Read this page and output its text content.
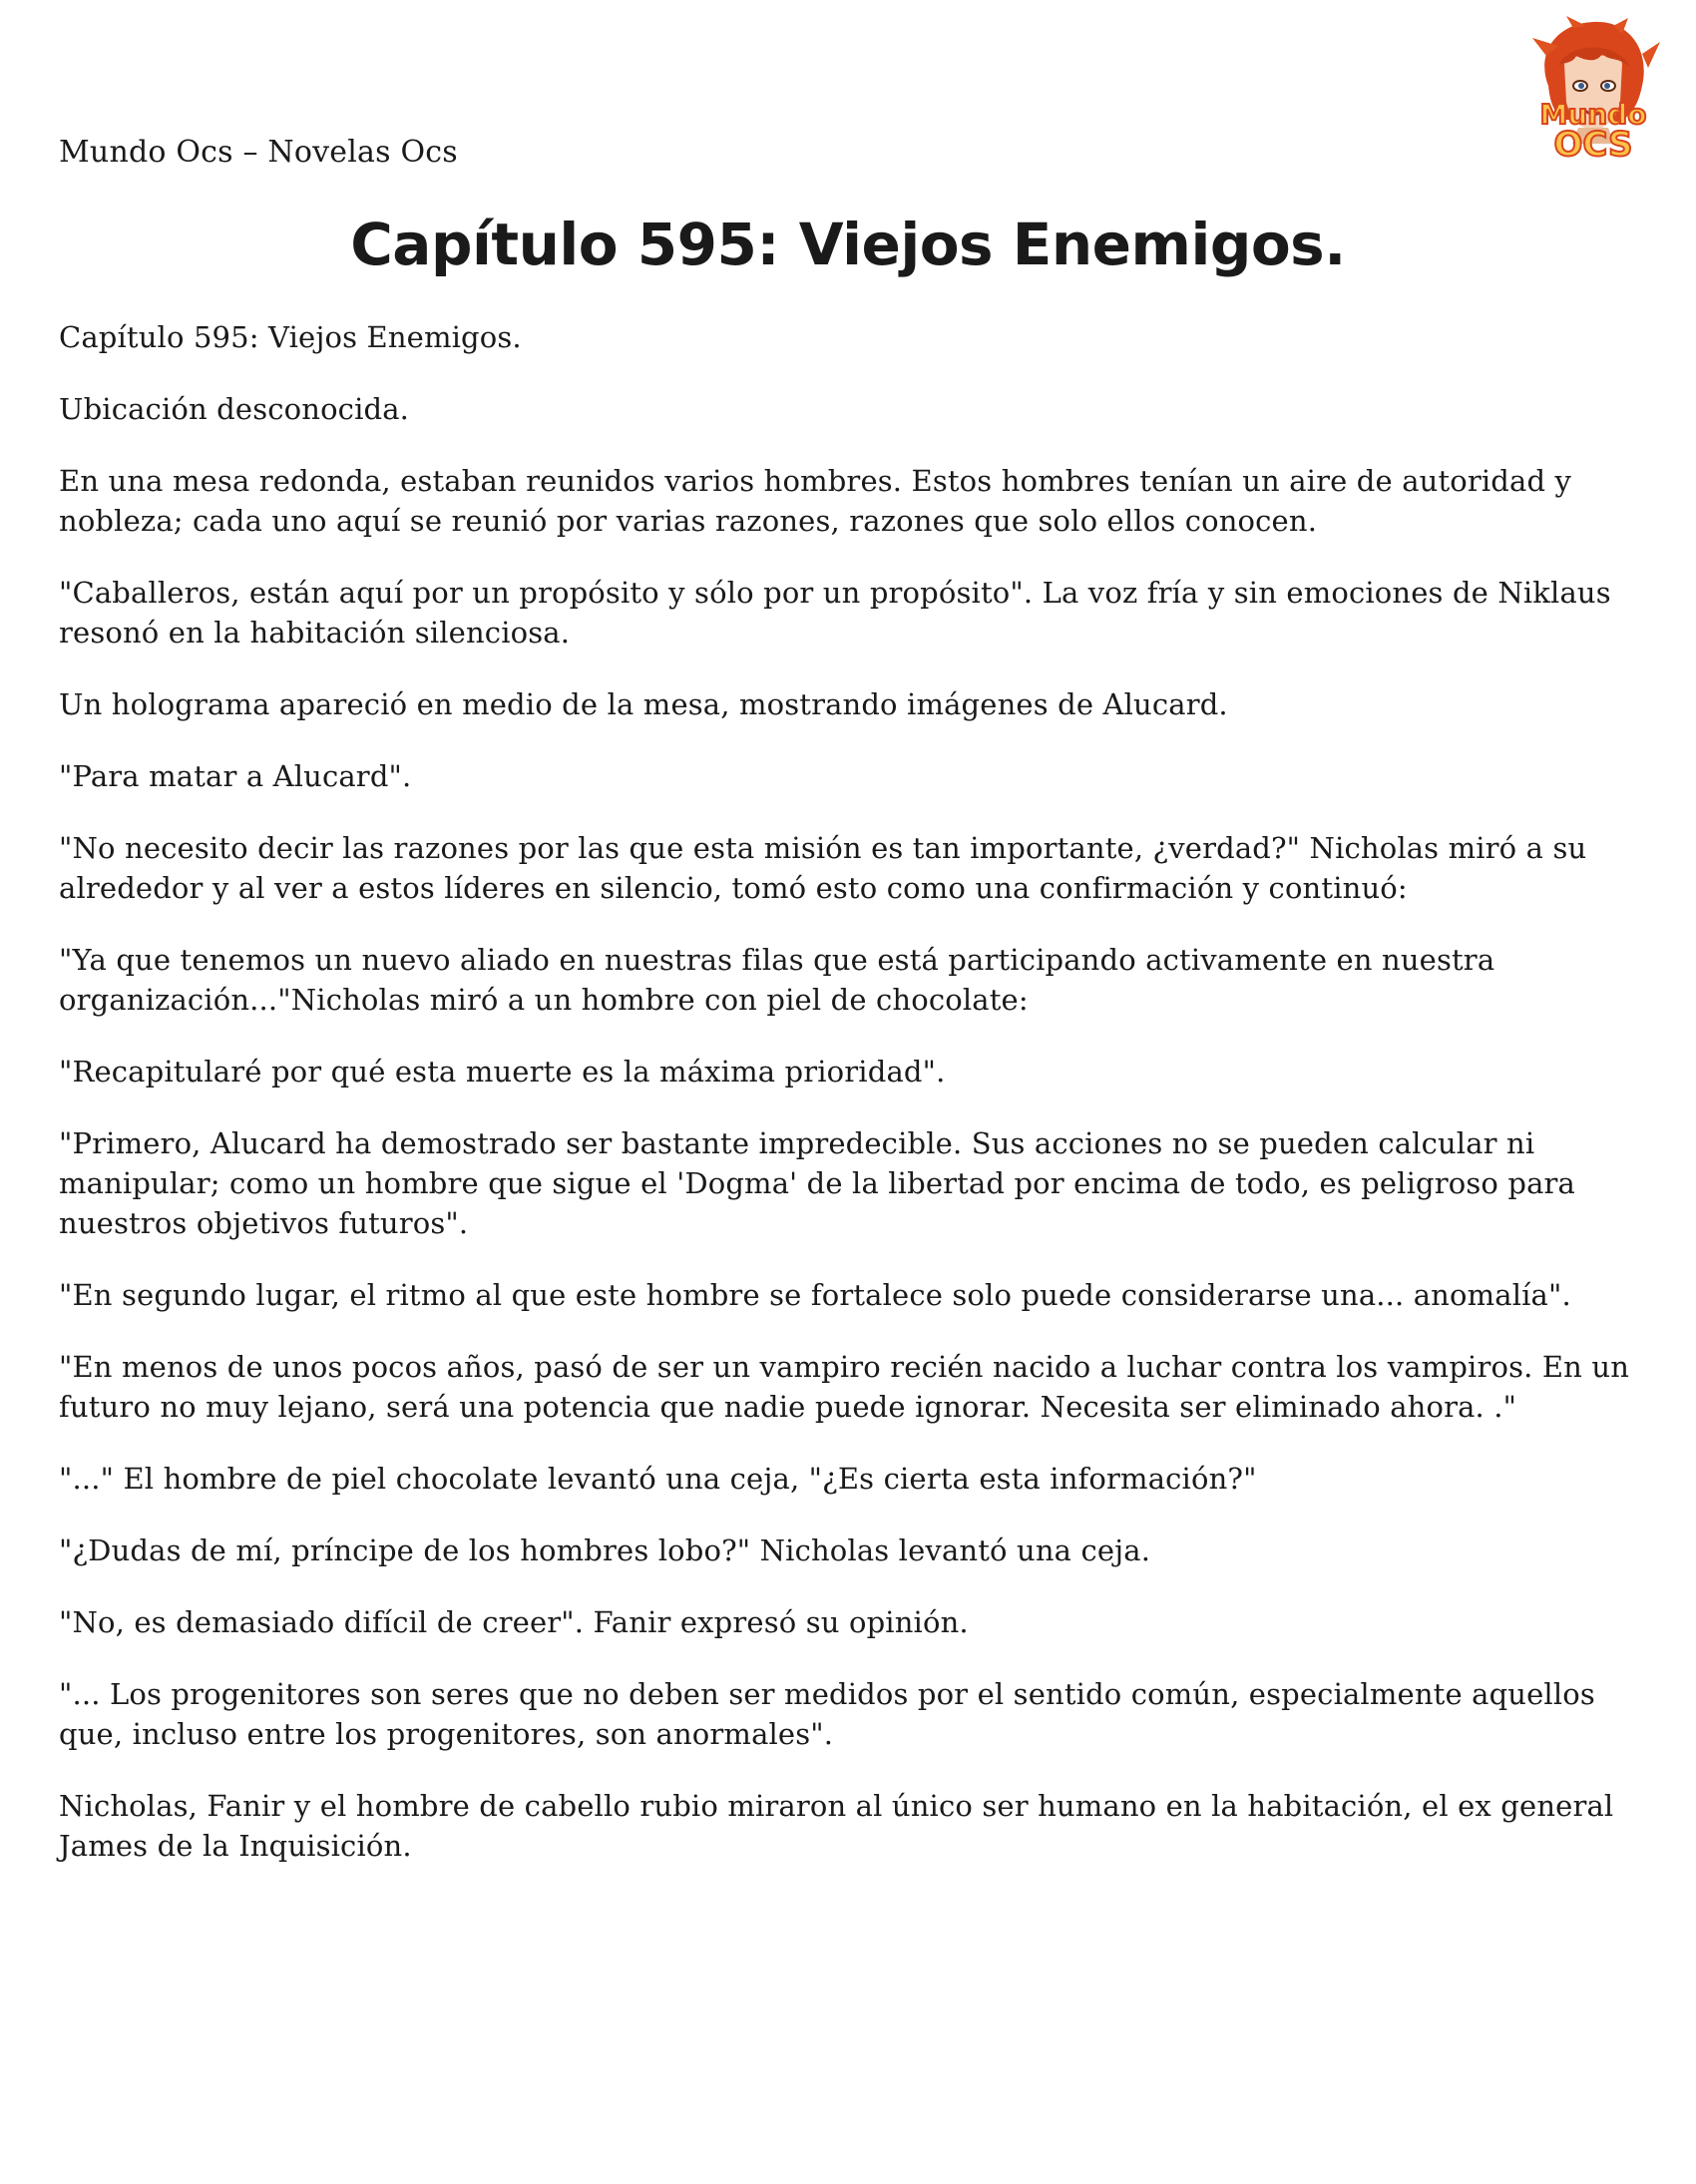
Mundo Ocs – Novelas Ocs
Mundo
OCS
Capítulo 595: Viejos Enemigos.

Capítulo 595: Viejos Enemigos.

Ubicación desconocida.

En una mesa redonda, estaban reunidos varios hombres. Estos hombres tenían un aire de autoridad y nobleza; cada uno aquí se reunió por varias razones, razones que solo ellos conocen.

"Caballeros, están aquí por un propósito y sólo por un propósito". La voz fría y sin emociones de Niklaus resonó en la habitación silenciosa.

Un holograma apareció en medio de la mesa, mostrando imágenes de Alucard.

"Para matar a Alucard".

"No necesito decir las razones por las que esta misión es tan importante, ¿verdad?" Nicholas miró a su alrededor y al ver a estos líderes en silencio, tomó esto como una confirmación y continuó:

"Ya que tenemos un nuevo aliado en nuestras filas que está participando activamente en nuestra organización..."Nicholas miró a un hombre con piel de chocolate:

"Recapitularé por qué esta muerte es la máxima prioridad".

"Primero, Alucard ha demostrado ser bastante impredecible. Sus acciones no se pueden calcular ni manipular; como un hombre que sigue el 'Dogma' de la libertad por encima de todo, es peligroso para nuestros objetivos futuros".

"En segundo lugar, el ritmo al que este hombre se fortalece solo puede considerarse una... anomalía".

"En menos de unos pocos años, pasó de ser un vampiro recién nacido a luchar contra los vampiros. En un futuro no muy lejano, será una potencia que nadie puede ignorar. Necesita ser eliminado ahora. ."

"..." El hombre de piel chocolate levantó una ceja, "¿Es cierta esta información?"

"¿Dudas de mí, príncipe de los hombres lobo?" Nicholas levantó una ceja.

"No, es demasiado difícil de creer". Fanir expresó su opinión.

"... Los progenitores son seres que no deben ser medidos por el sentido común, especialmente aquellos que, incluso entre los progenitores, son anormales".

Nicholas, Fanir y el hombre de cabello rubio miraron al único ser humano en la habitación, el ex general James de la Inquisición.
